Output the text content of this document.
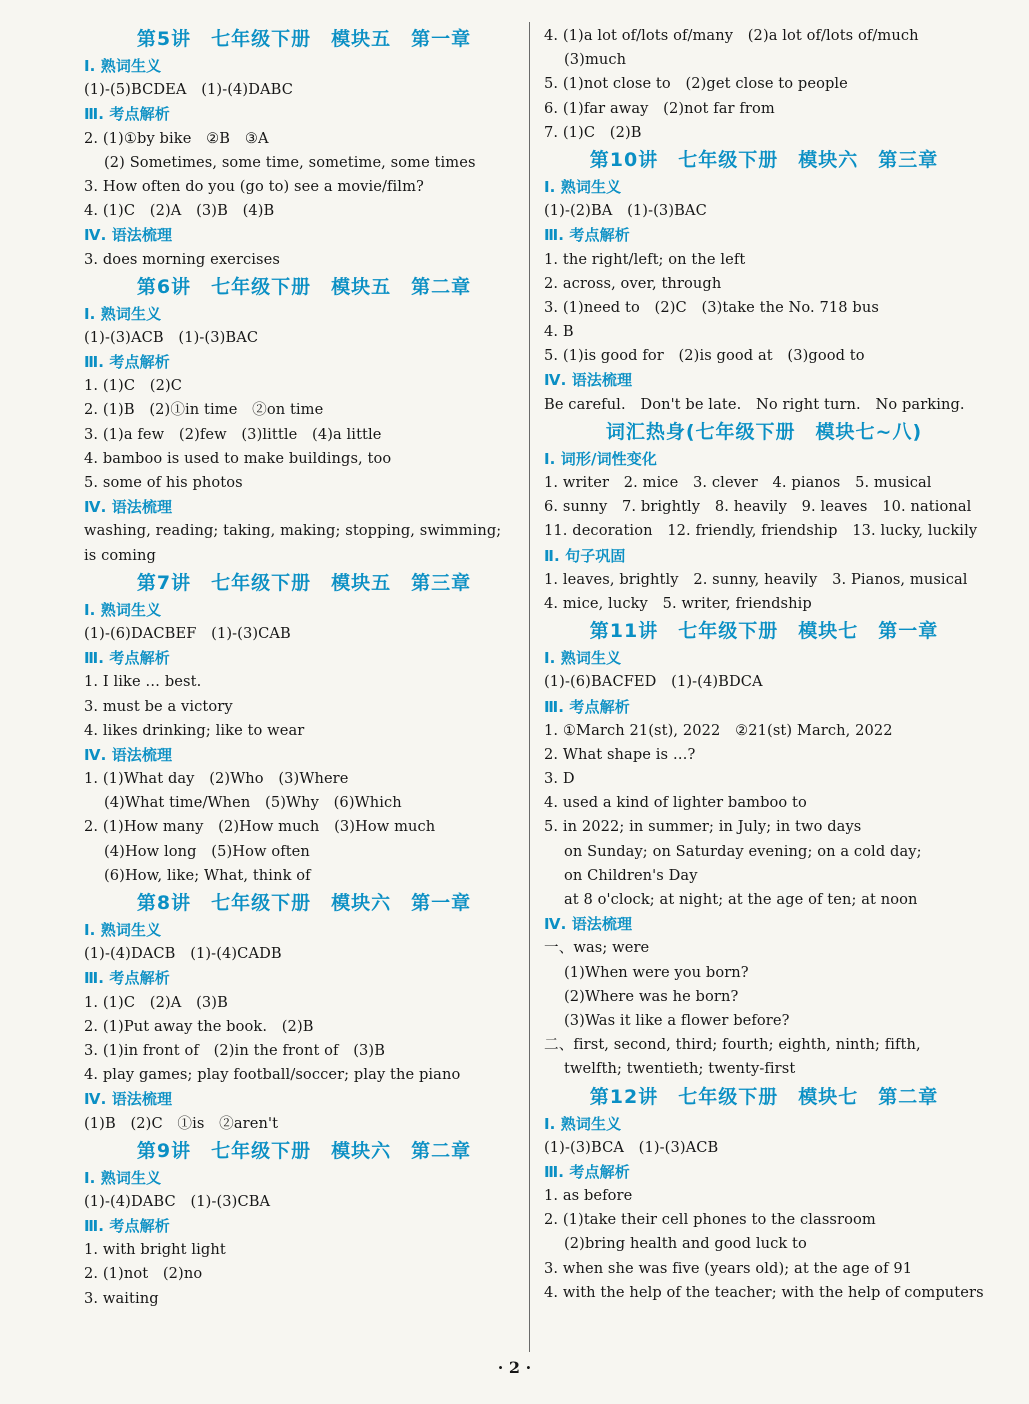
第5讲　七年级下册　模块五　第一章
Ⅰ. 熟词生义
(1)-(5)BCDEA　(1)-(4)DABC
Ⅲ. 考点解析
2. (1)①by bike　②B　③A
(2) Sometimes, some time, sometime, some times
3. How often do you (go to) see a movie/film?
4. (1)C　(2)A　(3)B　(4)B
Ⅳ. 语法梳理
3. does morning exercises
第6讲　七年级下册　模块五　第二章
Ⅰ. 熟词生义
(1)-(3)ACB　(1)-(3)BAC
Ⅲ. 考点解析
1. (1)C　(2)C
2. (1)B　(2)①in time　②on time
3. (1)a few　(2)few　(3)little　(4)a little
4. bamboo is used to make buildings, too
5. some of his photos
Ⅳ. 语法梳理
washing, reading; taking, making; stopping, swimming;
is coming
第7讲　七年级下册　模块五　第三章
Ⅰ. 熟词生义
(1)-(6)DACBEF　(1)-(3)CAB
Ⅲ. 考点解析
1. I like … best.
3. must be a victory
4. likes drinking; like to wear
Ⅳ. 语法梳理
1. (1)What day　(2)Who　(3)Where
(4)What time/When　(5)Why　(6)Which
2. (1)How many　(2)How much　(3)How much
(4)How long　(5)How often
(6)How, like; What, think of
第8讲　七年级下册　模块六　第一章
Ⅰ. 熟词生义
(1)-(4)DACB　(1)-(4)CADB
Ⅲ. 考点解析
1. (1)C　(2)A　(3)B
2. (1)Put away the book.　(2)B
3. (1)in front of　(2)in the front of　(3)B
4. play games; play football/soccer; play the piano
Ⅳ. 语法梳理
(1)B　(2)C　①is　②aren't
第9讲　七年级下册　模块六　第二章
Ⅰ. 熟词生义
(1)-(4)DABC　(1)-(3)CBA
Ⅲ. 考点解析
1. with bright light
2. (1)not　(2)no
3. waiting
4. (1)a lot of/lots of/many　(2)a lot of/lots of/much
(3)much
5. (1)not close to　(2)get close to people
6. (1)far away　(2)not far from
7. (1)C　(2)B
第10讲　七年级下册　模块六　第三章
Ⅰ. 熟词生义
(1)-(2)BA　(1)-(3)BAC
Ⅲ. 考点解析
1. the right/left; on the left
2. across, over, through
3. (1)need to　(2)C　(3)take the No. 718 bus
4. B
5. (1)is good for　(2)is good at　(3)good to
Ⅳ. 语法梳理
Be careful.　Don't be late.　No right turn.　No parking.
词汇热身(七年级下册　模块七~八)
Ⅰ. 词形/词性变化
1. writer　2. mice　3. clever　4. pianos　5. musical
6. sunny　7. brightly　8. heavily　9. leaves　10. national
11. decoration　12. friendly, friendship　13. lucky, luckily
Ⅱ. 句子巩固
1. leaves, brightly　2. sunny, heavily　3. Pianos, musical
4. mice, lucky　5. writer, friendship
第11讲　七年级下册　模块七　第一章
Ⅰ. 熟词生义
(1)-(6)BACFED　(1)-(4)BDCA
Ⅲ. 考点解析
1. ①March 21(st), 2022　②21(st) March, 2022
2. What shape is …?
3. D
4. used a kind of lighter bamboo to
5. in 2022; in summer; in July; in two days
on Sunday; on Saturday evening; on a cold day;
on Children's Day
at 8 o'clock; at night; at the age of ten; at noon
Ⅳ. 语法梳理
一、was; were
(1)When were you born?
(2)Where was he born?
(3)Was it like a flower before?
二、first, second, third; fourth; eighth, ninth; fifth,
twelfth; twentieth; twenty-first
第12讲　七年级下册　模块七　第二章
Ⅰ. 熟词生义
(1)-(3)BCA　(1)-(3)ACB
Ⅲ. 考点解析
1. as before
2. (1)take their cell phones to the classroom
(2)bring health and good luck to
3. when she was five (years old); at the age of 91
4. with the help of the teacher; with the help of computers
· 2 ·
